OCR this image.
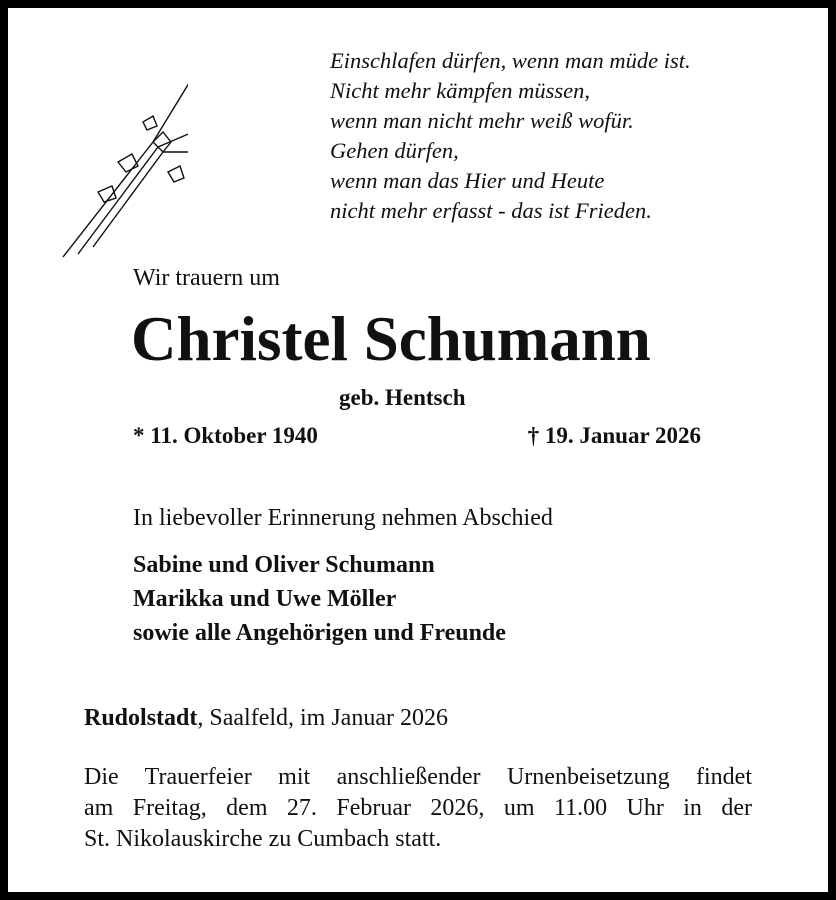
Einschlafen dürfen, wenn man müde ist.
Nicht mehr kämpfen müssen,
wenn man nicht mehr weiß wofür.
Gehen dürfen,
wenn man das Hier und Heute
nicht mehr erfasst - das ist Frieden.
Wir trauern um
Christel Schumann
geb. Hentsch
* 11. Oktober 1940	† 19. Januar 2026
In liebevoller Erinnerung nehmen Abschied
Sabine und Oliver Schumann
Marikka und Uwe Möller
sowie alle Angehörigen und Freunde
Rudolstadt, Saalfeld, im Januar 2026
Die Trauerfeier mit anschließender Urnenbeisetzung findet
am Freitag, dem 27. Februar 2026, um 11.00 Uhr in der
St. Nikolauskirche zu Cumbach statt.
